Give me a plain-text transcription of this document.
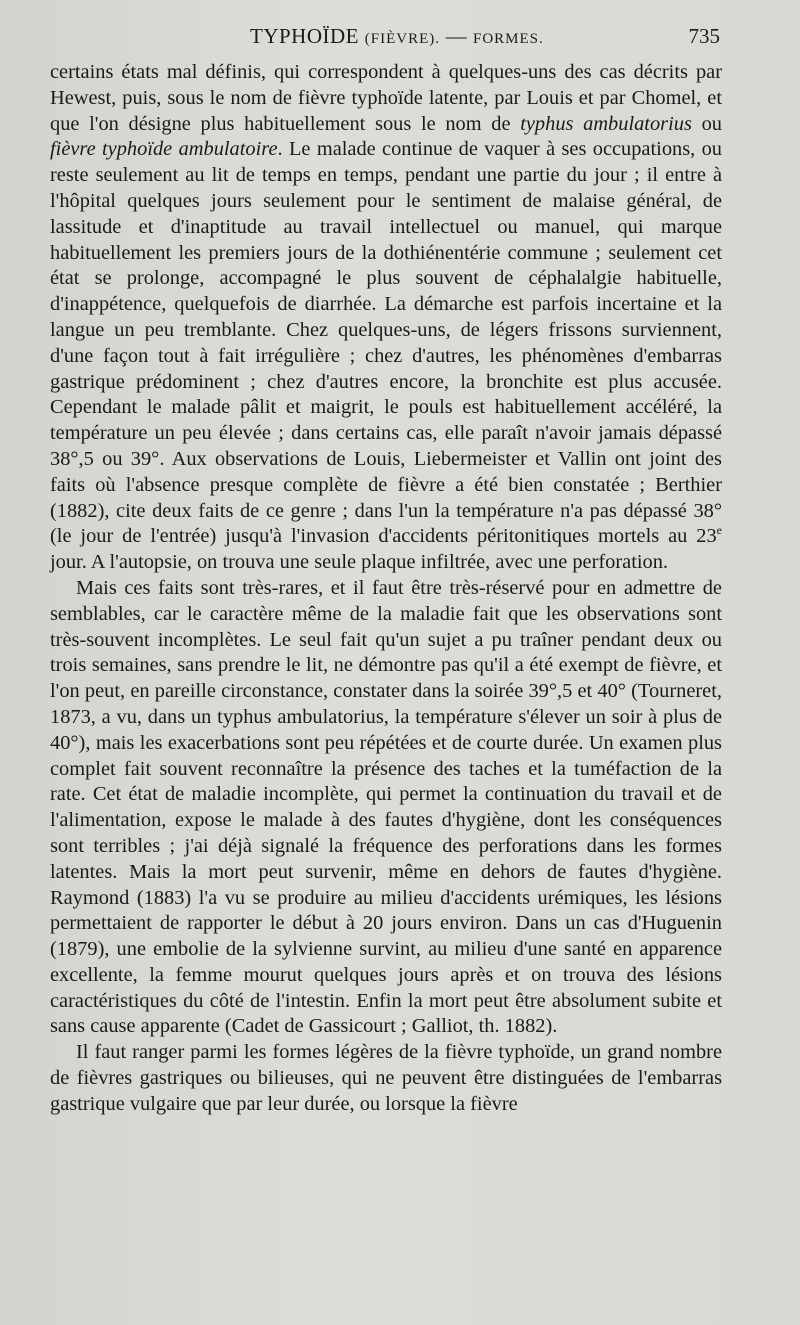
TYPHOÏDE (FIÈVRE). — FORMES.	735

certains états mal définis, qui correspondent à quelques-uns des cas décrits par Hewest, puis, sous le nom de fièvre typhoïde latente, par Louis et par Chomel, et que l'on désigne plus habituellement sous le nom de typhus ambulatorius ou fièvre typhoïde ambulatoire. Le malade continue de vaquer à ses occupations, ou reste seulement au lit de temps en temps, pendant une partie du jour ; il entre à l'hôpital quelques jours seulement pour le sentiment de malaise général, de lassitude et d'inaptitude au travail intellectuel ou manuel, qui marque habituellement les premiers jours de la dothiénentérie commune ; seulement cet état se prolonge, accompagné le plus souvent de céphalalgie habituelle, d'inappétence, quelquefois de diarrhée. La démarche est parfois incertaine et la langue un peu tremblante. Chez quelques-uns, de légers frissons surviennent, d'une façon tout à fait irrégulière ; chez d'autres, les phénomènes d'embarras gastrique prédominent ; chez d'autres encore, la bronchite est plus accusée. Cependant le malade pâlit et maigrit, le pouls est habituellement accéléré, la température un peu élevée ; dans certains cas, elle paraît n'avoir jamais dépassé 38°,5 ou 39°. Aux observations de Louis, Liebermeister et Vallin ont joint des faits où l'absence presque complète de fièvre a été bien constatée ; Berthier (1882), cite deux faits de ce genre ; dans l'un la température n'a pas dépassé 38° (le jour de l'entrée) jusqu'à l'invasion d'accidents péritonitiques mortels au 23e jour. A l'autopsie, on trouva une seule plaque infiltrée, avec une perforation.

Mais ces faits sont très-rares, et il faut être très-réservé pour en admettre de semblables, car le caractère même de la maladie fait que les observations sont très-souvent incomplètes. Le seul fait qu'un sujet a pu traîner pendant deux ou trois semaines, sans prendre le lit, ne démontre pas qu'il a été exempt de fièvre, et l'on peut, en pareille circonstance, constater dans la soirée 39°,5 et 40° (Tourneret, 1873, a vu, dans un typhus ambulatorius, la température s'élever un soir à plus de 40°), mais les exacerbations sont peu répétées et de courte durée. Un examen plus complet fait souvent reconnaître la présence des taches et la tuméfaction de la rate. Cet état de maladie incomplète, qui permet la continuation du travail et de l'alimentation, expose le malade à des fautes d'hygiène, dont les conséquences sont terribles ; j'ai déjà signalé la fréquence des perforations dans les formes latentes. Mais la mort peut survenir, même en dehors de fautes d'hygiène. Raymond (1883) l'a vu se produire au milieu d'accidents urémiques, les lésions permettaient de rapporter le début à 20 jours environ. Dans un cas d'Huguenin (1879), une embolie de la sylvienne survint, au milieu d'une santé en apparence excellente, la femme mourut quelques jours après et on trouva des lésions caractéristiques du côté de l'intestin. Enfin la mort peut être absolument subite et sans cause apparente (Cadet de Gassicourt ; Galliot, th. 1882).

Il faut ranger parmi les formes légères de la fièvre typhoïde, un grand nombre de fièvres gastriques ou bilieuses, qui ne peuvent être distinguées de l'embarras gastrique vulgaire que par leur durée, ou lorsque la fièvre
